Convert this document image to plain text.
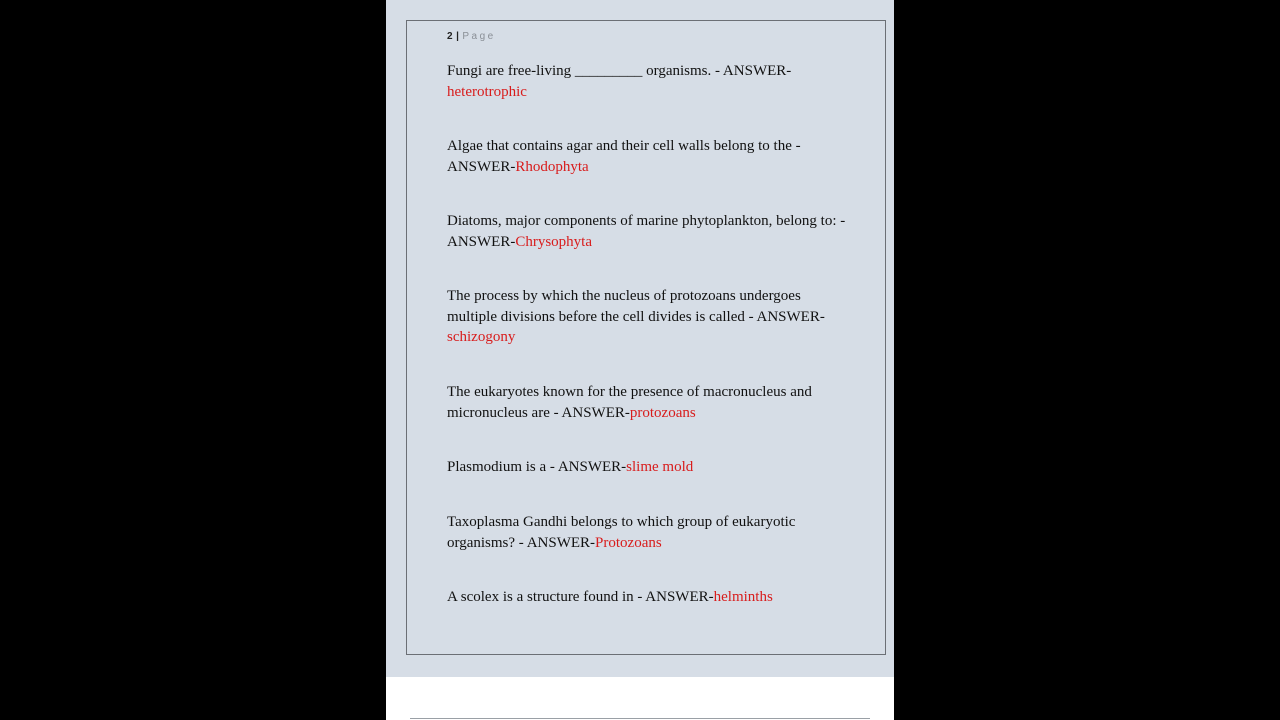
2 | Page
Fungi are free-living _________ organisms. - ANSWER-heterotrophic
Algae that contains agar and their cell walls belong to the - ANSWER-Rhodophyta
Diatoms, major components of marine phytoplankton, belong to: - ANSWER-Chrysophyta
The process by which the nucleus of protozoans undergoes multiple divisions before the cell divides is called - ANSWER-schizogony
The eukaryotes known for the presence of macronucleus and micronucleus are - ANSWER-protozoans
Plasmodium is a - ANSWER-slime mold
Taxoplasma Gandhi belongs to which group of eukaryotic organisms? - ANSWER-Protozoans
A scolex is a structure found in - ANSWER-helminths
